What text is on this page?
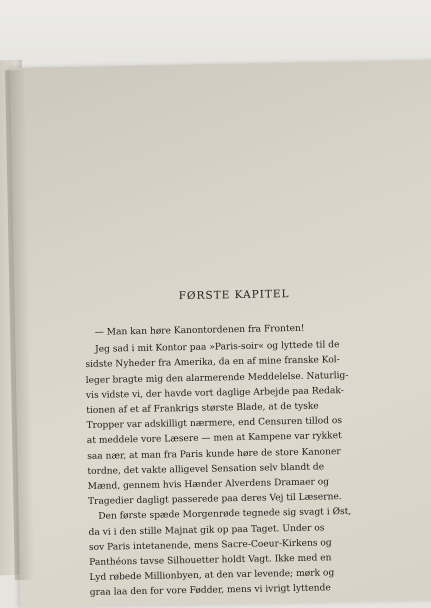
FØRSTE KAPITEL
— Man kan høre Kanontordenen fra Fronten!
Jeg sad i mit Kontor paa »Paris-soir« og lyttede til de
sidste Nyheder fra Amerika, da en af mine franske Kol-
leger bragte mig den alarmerende Meddelelse. Naturlig-
vis vidste vi, der havde vort daglige Arbejde paa Redak-
tionen af et af Frankrigs største Blade, at de tyske
Tropper var adskilligt nærmere, end Censuren tillod os
at meddele vore Læsere — men at Kampene var rykket
saa nær, at man fra Paris kunde høre de store Kanoner
tordne, det vakte alligevel Sensation selv blandt de
Mænd, gennem hvis Hænder Alverdens Dramaer og
Tragedier dagligt passerede paa deres Vej til Læserne.
Den første spæde Morgenrøde tegnede sig svagt i Øst,
da vi i den stille Majnat gik op paa Taget. Under os
sov Paris intetanende, mens Sacre-Coeur-Kirkens og
Panthéons tavse Silhouetter holdt Vagt. Ikke med en
Lyd røbede Millionbyen, at den var levende; mørk og
graa laa den for vore Fødder, mens vi ivrigt lyttende
